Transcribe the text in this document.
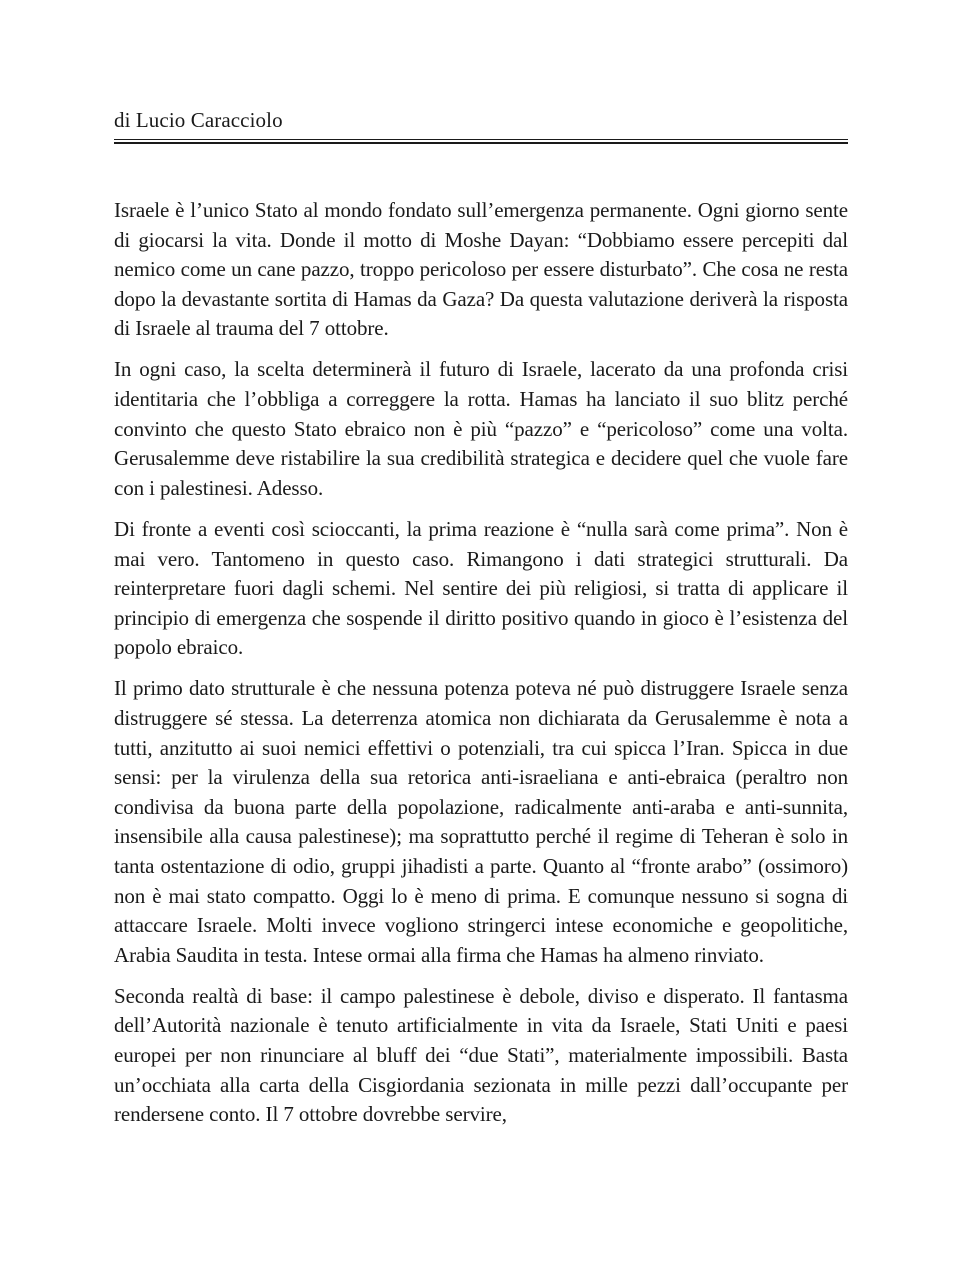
di Lucio Caracciolo

Israele è l’unico Stato al mondo fondato sull’emergenza permanente. Ogni giorno sente di giocarsi la vita. Donde il motto di Moshe Dayan: “Dobbiamo essere percepiti dal nemico come un cane pazzo, troppo pericoloso per essere disturbato”. Che cosa ne resta dopo la devastante sortita di Hamas da Gaza? Da questa valutazione deriverà la risposta di Israele al trauma del 7 ottobre.

In ogni caso, la scelta determinerà il futuro di Israele, lacerato da una profonda crisi identitaria che l’obbliga a correggere la rotta. Hamas ha lanciato il suo blitz perché convinto che questo Stato ebraico non è più “pazzo” e “pericoloso” come una volta. Gerusalemme deve ristabilire la sua credibilità strategica e decidere quel che vuole fare con i palestinesi. Adesso.

Di fronte a eventi così scioccanti, la prima reazione è “nulla sarà come prima”. Non è mai vero. Tantomeno in questo caso. Rimangono i dati strategici strutturali. Da reinterpretare fuori dagli schemi. Nel sentire dei più religiosi, si tratta di applicare il principio di emergenza che sospende il diritto positivo quando in gioco è l’esistenza del popolo ebraico.

Il primo dato strutturale è che nessuna potenza poteva né può distruggere Israele senza distruggere sé stessa. La deterrenza atomica non dichiarata da Gerusalemme è nota a tutti, anzitutto ai suoi nemici effettivi o potenziali, tra cui spicca l’Iran. Spicca in due sensi: per la virulenza della sua retorica anti-israeliana e anti-ebraica (peraltro non condivisa da buona parte della popolazione, radicalmente anti-araba e anti-sunnita, insensibile alla causa palestinese); ma soprattutto perché il regime di Teheran è solo in tanta ostentazione di odio, gruppi jihadisti a parte. Quanto al “fronte arabo” (ossimoro) non è mai stato compatto. Oggi lo è meno di prima. E comunque nessuno si sogna di attaccare Israele. Molti invece vogliono stringerci intese economiche e geopolitiche, Arabia Saudita in testa. Intese ormai alla firma che Hamas ha almeno rinviato.

Seconda realtà di base: il campo palestinese è debole, diviso e disperato. Il fantasma dell’Autorità nazionale è tenuto artificialmente in vita da Israele, Stati Uniti e paesi europei per non rinunciare al bluff dei “due Stati”, materialmente impossibili. Basta un’occhiata alla carta della Cisgiordania sezionata in mille pezzi dall’occupante per rendersene conto. Il 7 ottobre dovrebbe servire,
